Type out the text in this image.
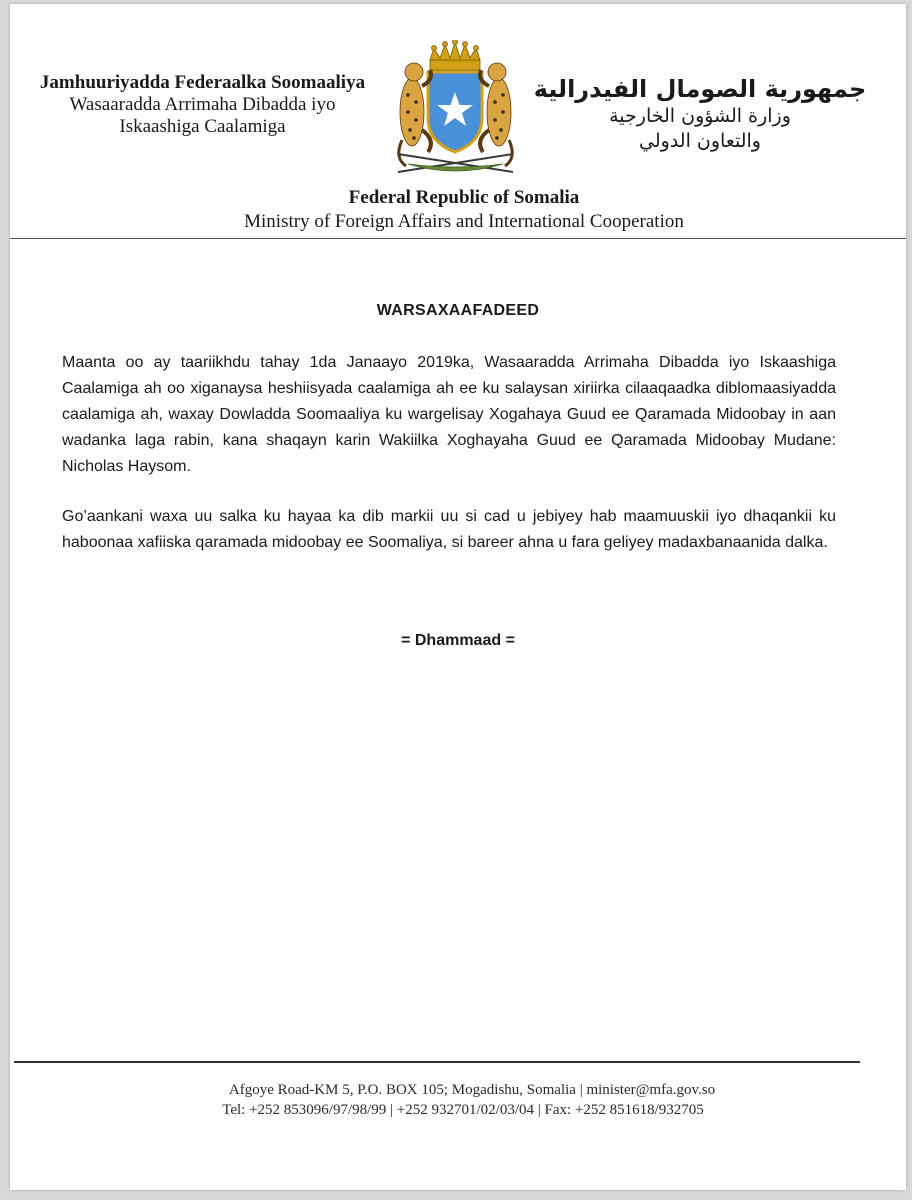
Jamhuuriyadda Federaalka Soomaaliya
Wasaaradda Arrimaha Dibadda iyo
Iskaashiga Caalamiga
جمهورية الصومال الفيدرالية
وزارة الشؤون الخارجية
والتعاون الدولي
Federal Republic of Somalia
Ministry of Foreign Affairs and International Cooperation
WARSAXAAFADEED

Maanta oo ay taariikhdu tahay 1da Janaayo 2019ka, Wasaaradda Arrimaha Dibadda iyo Iskaashiga Caalamiga ah oo xiganaysa heshiisyada caalamiga ah ee ku salaysan xiriirka cilaaqaadka diblomaasiyadda caalamiga ah, waxay Dowladda Soomaaliya ku wargelisay Xogahaya Guud ee Qaramada Midoobay in aan wadanka laga rabin, kana shaqayn karin Wakiilka Xoghayaha Guud ee Qaramada Midoobay Mudane: Nicholas Haysom.

Go’aankani waxa uu salka ku hayaa ka dib markii uu si cad u jebiyey hab maamuuskii iyo dhaqankii ku haboonaa xafiiska qaramada midoobay ee Soomaliya, si bareer ahna u fara geliyey madaxbanaanida dalka.

= Dhammaad =
Afgoye Road-KM 5, P.O. BOX 105; Mogadishu, Somalia | minister@mfa.gov.so
Tel: +252 853096/97/98/99 | +252 932701/02/03/04 | Fax: +252 851618/932705
